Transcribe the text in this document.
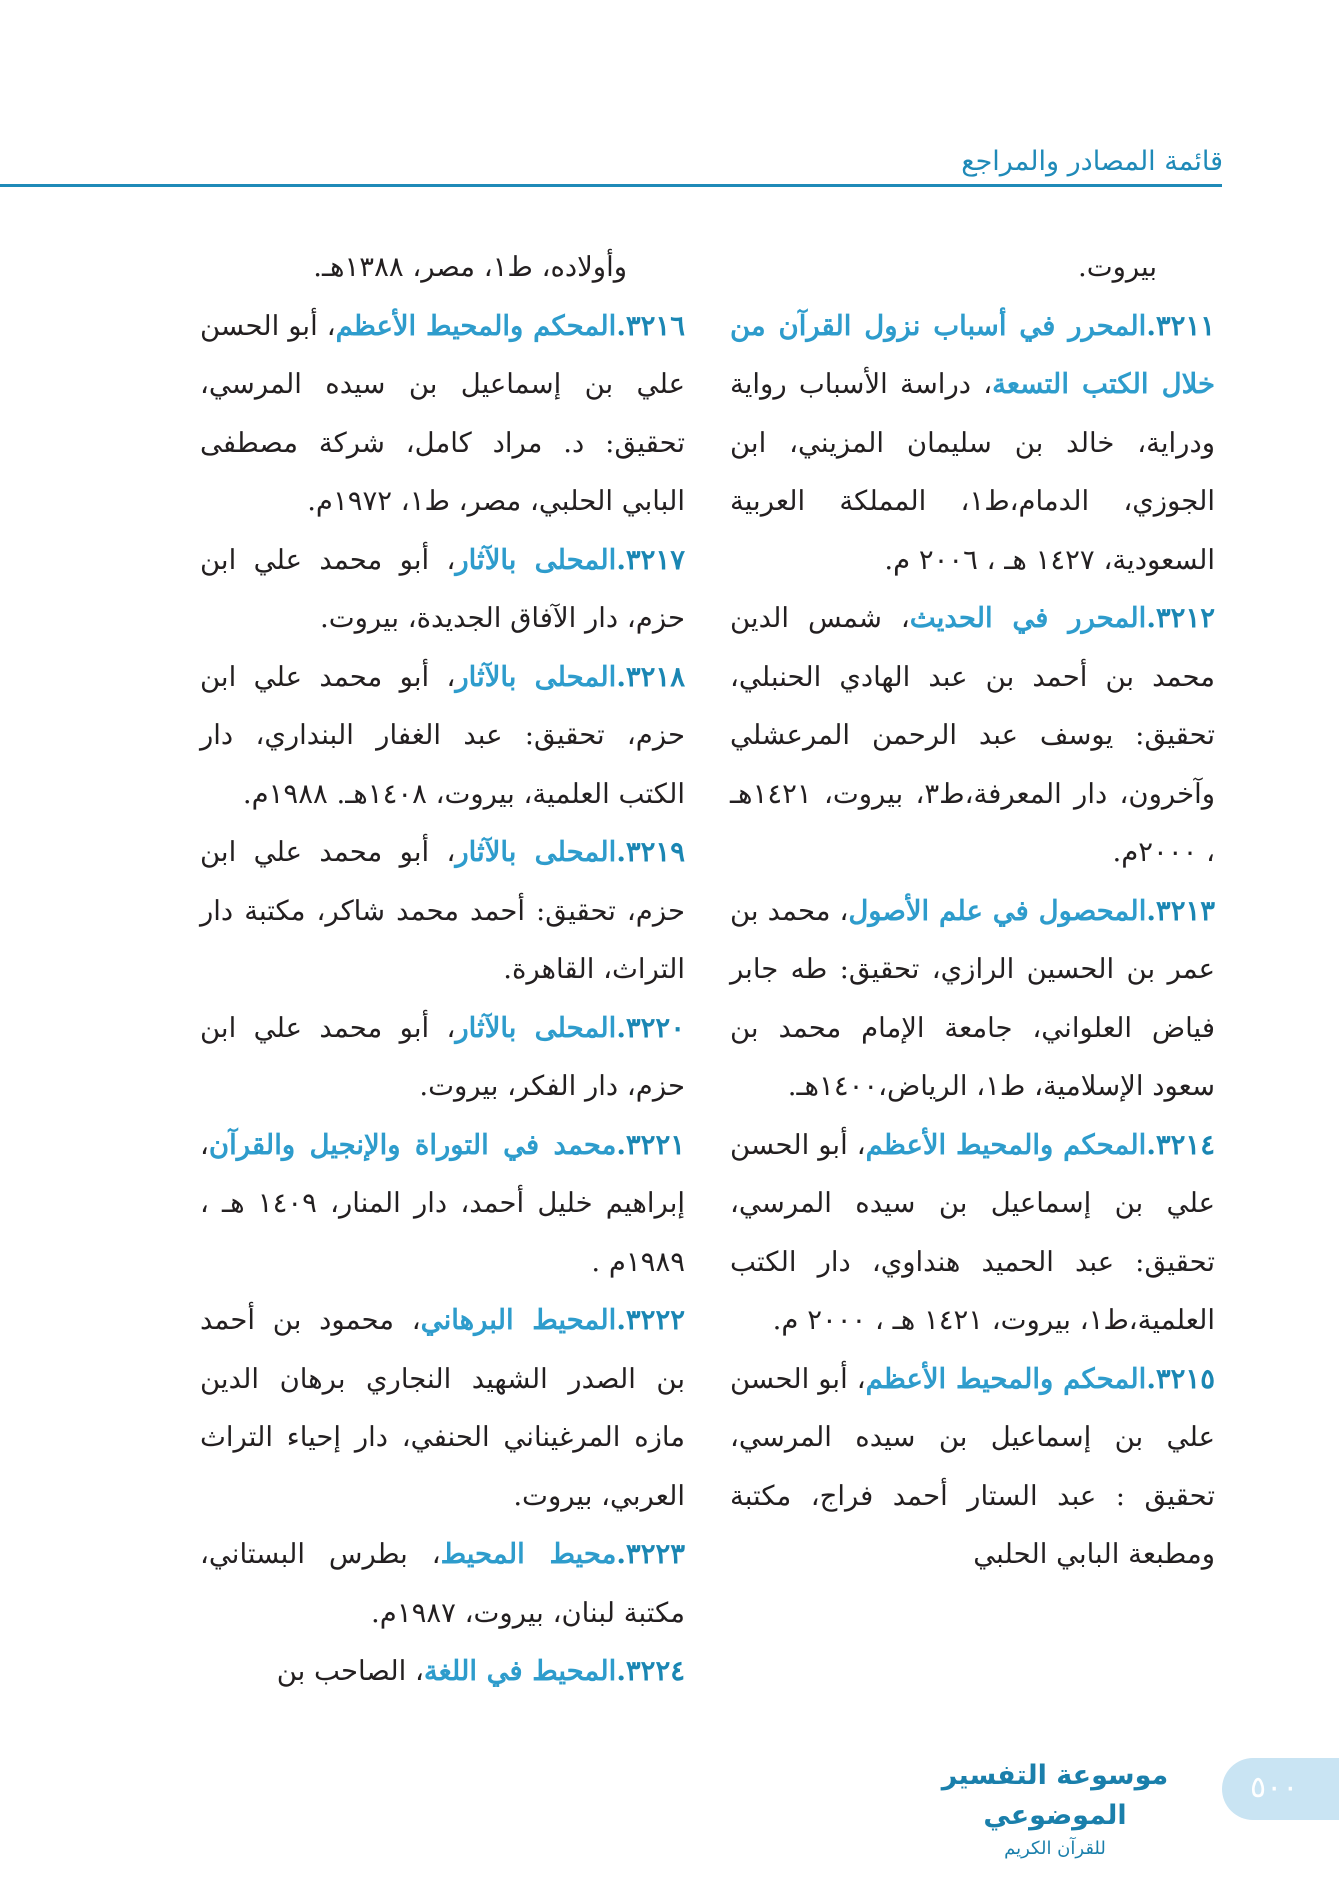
قائمة المصادر والمراجع

بيروت.

٣٢١١.المحرر في أسباب نزول القرآن من خلال الكتب التسعة، دراسة الأسباب رواية ودراية، خالد بن سليمان المزيني، ابن الجوزي، الدمام،ط١، المملكة العربية السعودية، ١٤٢٧ هـ ، ٢٠٠٦ م.

٣٢١٢.المحرر في الحديث، شمس الدين محمد بن أحمد بن عبد الهادي الحنبلي، تحقيق: يوسف عبد الرحمن المرعشلي وآخرون، دار المعرفة،ط٣، بيروت، ١٤٢١هـ ، ٢٠٠٠م.

٣٢١٣.المحصول في علم الأصول، محمد بن عمر بن الحسين الرازي، تحقيق: طه جابر فياض العلواني، جامعة الإمام محمد بن سعود الإسلامية، ط١، الرياض،١٤٠٠هـ.

٣٢١٤.المحكم والمحيط الأعظم، أبو الحسن علي بن إسماعيل بن سيده المرسي، تحقيق: عبد الحميد هنداوي، دار الكتب العلمية،ط١، بيروت، ١٤٢١ هـ ، ٢٠٠٠ م.

٣٢١٥.المحكم والمحيط الأعظم، أبو الحسن علي بن إسماعيل بن سيده المرسي، تحقيق : عبد الستار أحمد فراج، مكتبة ومطبعة البابي الحلبي

وأولاده، ط١، مصر، ١٣٨٨هـ.

٣٢١٦.المحكم والمحيط الأعظم، أبو الحسن علي بن إسماعيل بن سيده المرسي، تحقيق: د. مراد كامل، شركة مصطفى البابي الحلبي، مصر، ط١، ١٩٧٢م.

٣٢١٧.المحلى بالآثار، أبو محمد علي ابن حزم، دار الآفاق الجديدة، بيروت.

٣٢١٨.المحلى بالآثار، أبو محمد علي ابن حزم، تحقيق: عبد الغفار البنداري، دار الكتب العلمية، بيروت، ١٤٠٨هـ. ١٩٨٨م.

٣٢١٩.المحلى بالآثار، أبو محمد علي ابن حزم، تحقيق: أحمد محمد شاكر، مكتبة دار التراث، القاهرة.

٣٢٢٠.المحلى بالآثار، أبو محمد علي ابن حزم، دار الفكر، بيروت.

٣٢٢١.محمد في التوراة والإنجيل والقرآن، إبراهيم خليل أحمد، دار المنار، ١٤٠٩ هـ ، ١٩٨٩م .

٣٢٢٢.المحيط البرهاني، محمود بن أحمد بن الصدر الشهيد النجاري برهان الدين مازه المرغيناني الحنفي، دار إحياء التراث العربي، بيروت.

٣٢٢٣.محيط المحيط، بطرس البستاني، مكتبة لبنان، بيروت، ١٩٨٧م.

٣٢٢٤.المحيط في اللغة، الصاحب بن

موسوعة التفسير الموضوعي
للقرآن الكريم
٥٠٠
